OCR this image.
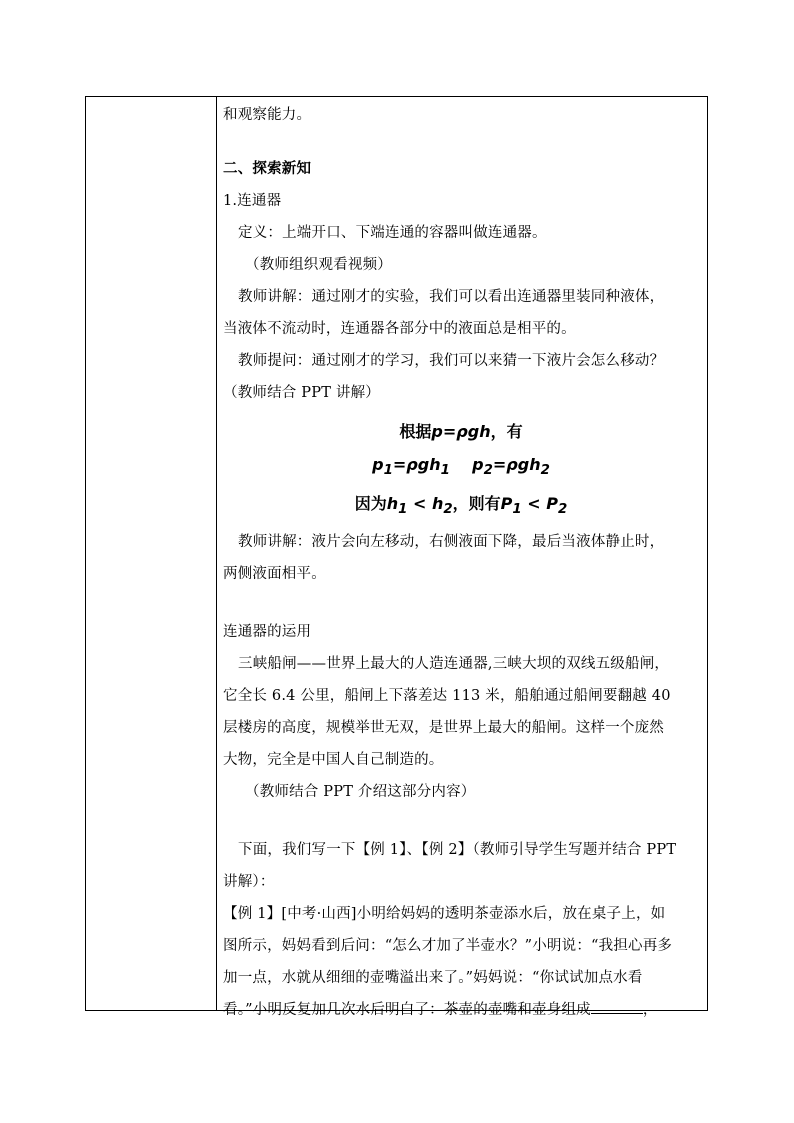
和观察能力。
二、探索新知
1.连通器
定义：上端开口、下端连通的容器叫做连通器。
（教师组织观看视频）
教师讲解：通过刚才的实验，我们可以看出连通器里装同种液体，
当液体不流动时，连通器各部分中的液面总是相平的。
教师提问：通过刚才的学习，我们可以来猜一下液片会怎么移动？
（教师结合 PPT 讲解）
根据p=ρgh，有
$p_1=\rho gh_1$ $p_2=\rho gh_2$
因为$h_1 < h_2$，则有$P_1 < P_2$
教师讲解：液片会向左移动，右侧液面下降，最后当液体静止时，
两侧液面相平。
连通器的运用
三峡船闸——世界上最大的人造连通器,三峡大坝的双线五级船闸，
它全长 6.4 公里，船闸上下落差达 113 米，船舶通过船闸要翻越 40
层楼房的高度，规模举世无双，是世界上最大的船闸。这样一个庞然
大物，完全是中国人自己制造的。
（教师结合 PPT 介绍这部分内容）
下面，我们写一下【例 1】、【例 2】（教师引导学生写题并结合 PPT
讲解）：
【例 1】[中考·山西]小明给妈妈的透明茶壶添水后，放在桌子上，如
图所示，妈妈看到后问：“怎么才加了半壶水？”小明说：“我担心再多
加一点，水就从细细的壶嘴溢出来了。”妈妈说：“你试试加点水看
看。”小明反复加几次水后明白了：茶壶的壶嘴和壶身组成	，
